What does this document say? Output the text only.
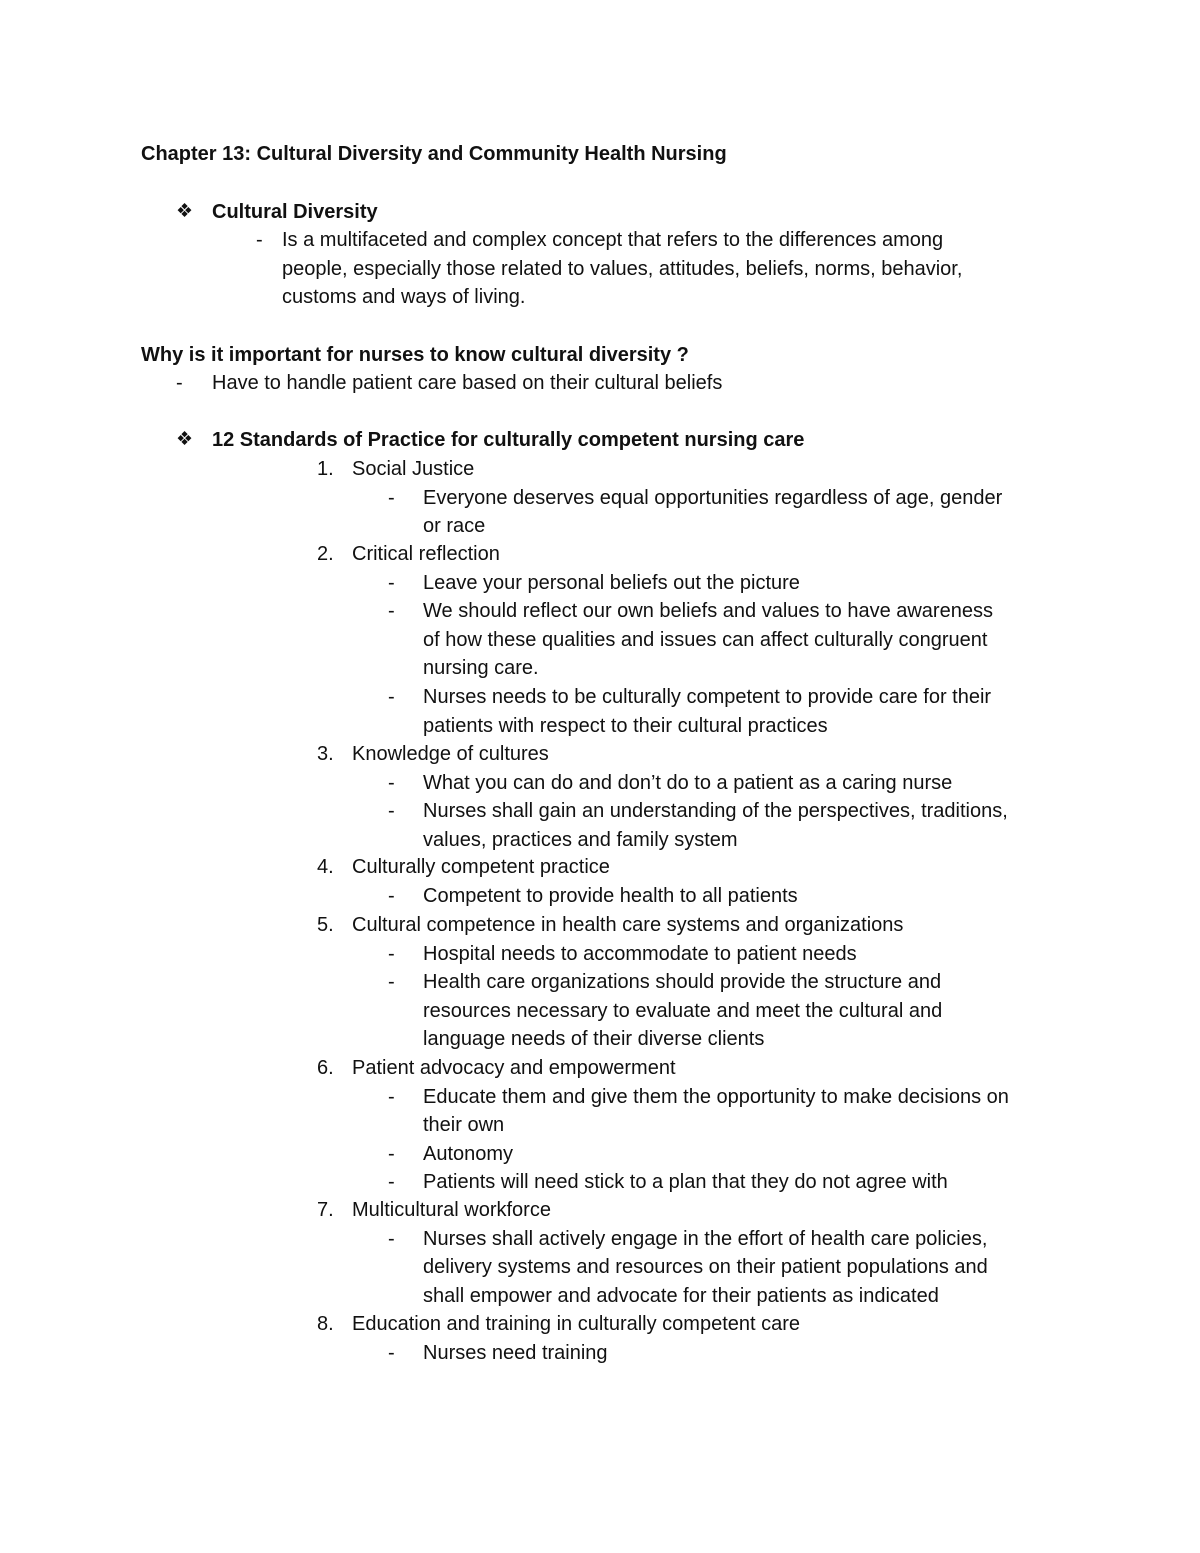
Chapter 13: Cultural Diversity and Community Health Nursing
❖ Cultural Diversity
- Is a multifaceted and complex concept that refers to the differences among
people, especially those related to values, attitudes, beliefs, norms, behavior,
customs and ways of living.
Why is it important for nurses to know cultural diversity ?
- Have to handle patient care based on their cultural beliefs
❖ 12 Standards of Practice for culturally competent nursing care
1. Social Justice
- Everyone deserves equal opportunities regardless of age, gender
or race
2. Critical reflection
- Leave your personal beliefs out the picture
- We should reflect our own beliefs and values to have awareness
of how these qualities and issues can affect culturally congruent
nursing care.
- Nurses needs to be culturally competent to provide care for their
patients with respect to their cultural practices
3. Knowledge of cultures
- What you can do and don’t do to a patient as a caring nurse
- Nurses shall gain an understanding of the perspectives, traditions,
values, practices and family system
4. Culturally competent practice
- Competent to provide health to all patients
5. Cultural competence in health care systems and organizations
- Hospital needs to accommodate to patient needs
- Health care organizations should provide the structure and
resources necessary to evaluate and meet the cultural and
language needs of their diverse clients
6. Patient advocacy and empowerment
- Educate them and give them the opportunity to make decisions on
their own
- Autonomy
- Patients will need stick to a plan that they do not agree with
7. Multicultural workforce
- Nurses shall actively engage in the effort of health care policies,
delivery systems and resources on their patient populations and
shall empower and advocate for their patients as indicated
8. Education and training in culturally competent care
- Nurses need training
